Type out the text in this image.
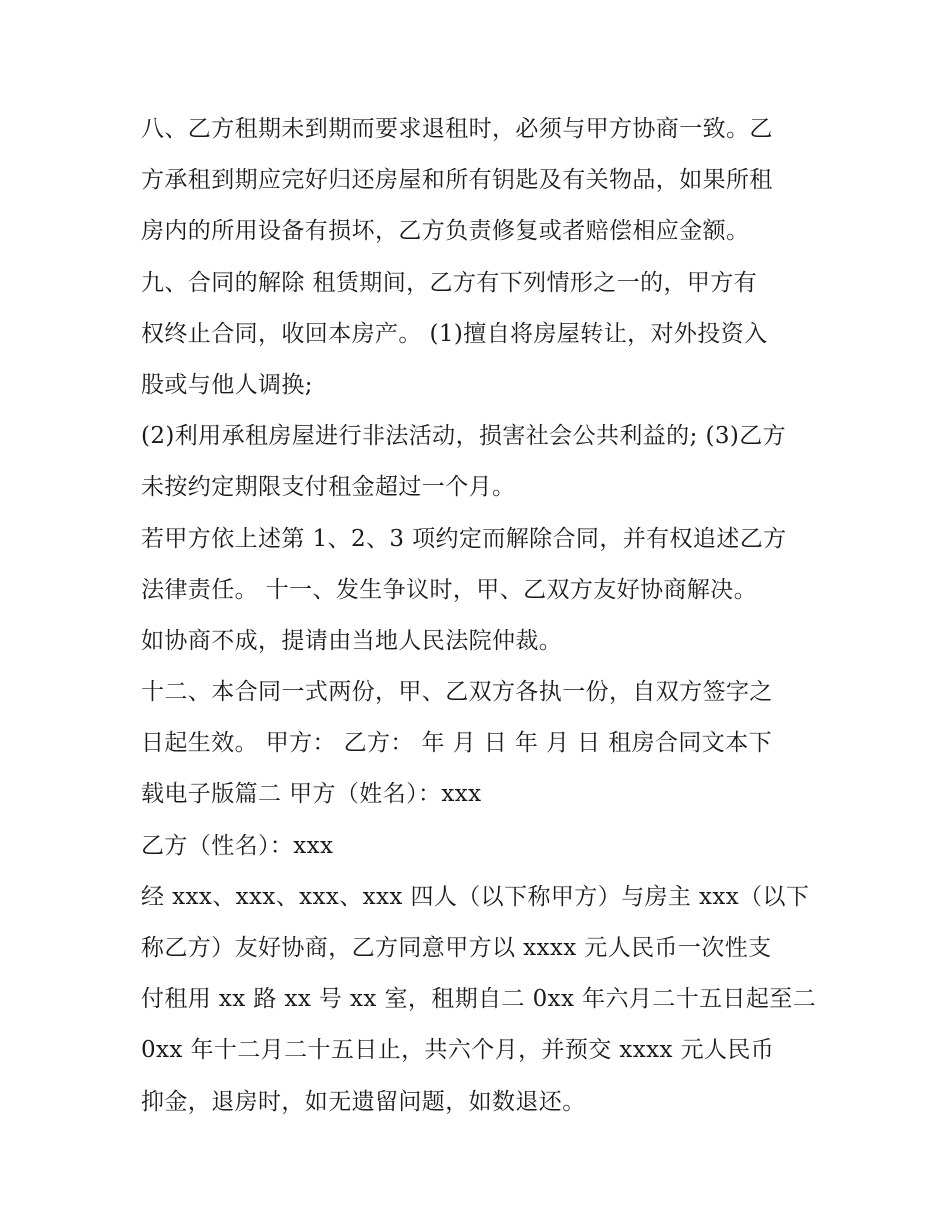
八、乙方租期未到期而要求退租时，必须与甲方协商一致。乙

方承租到期应完好归还房屋和所有钥匙及有关物品，如果所租

房内的所用设备有损坏，乙方负责修复或者赔偿相应金额。

九、合同的解除 租赁期间，乙方有下列情形之一的，甲方有

权终止合同，收回本房产。 (1)擅自将房屋转让，对外投资入

股或与他人调换;

(2)利用承租房屋进行非法活动，损害社会公共利益的; (3)乙方

未按约定期限支付租金超过一个月。

若甲方依上述第 1、2、3 项约定而解除合同，并有权追述乙方

法律责任。 十一、发生争议时，甲、乙双方友好协商解决。

如协商不成，提请由当地人民法院仲裁。

十二、本合同一式两份，甲、乙双方各执一份，自双方签字之

日起生效。 甲方： 乙方： 年 月 日 年 月 日 租房合同文本下

载电子版篇二 甲方（姓名）：xxx

乙方（性名）：xxx

经 xxx、xxx、xxx、xxx 四人（以下称甲方）与房主 xxx（以下

称乙方）友好协商，乙方同意甲方以 xxxx 元人民币一次性支

付租用 xx 路 xx 号 xx 室，租期自二 0xx 年六月二十五日起至二

0xx 年十二月二十五日止，共六个月，并预交 xxxx 元人民币

抑金，退房时，如无遗留问题，如数退还。
